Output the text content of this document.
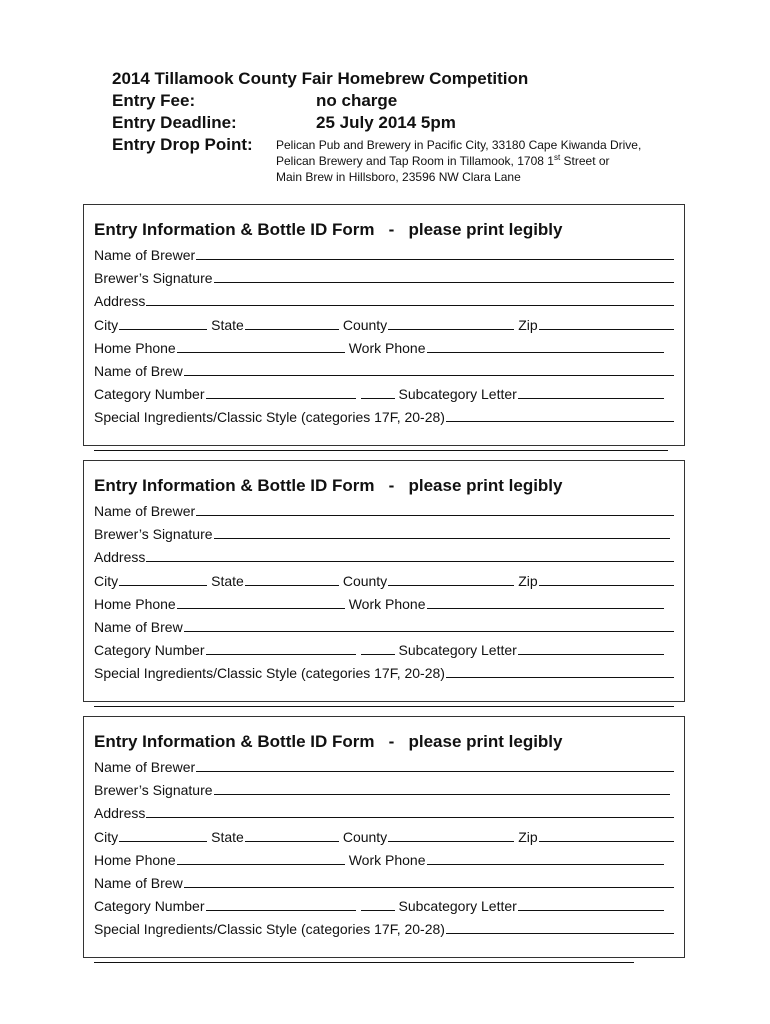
2014 Tillamook County Fair Homebrew Competition
Entry Fee:	no charge
Entry Deadline:	25 July 2014 5pm
Entry Drop Point:	Pelican Pub and Brewery in Pacific City, 33180 Cape Kiwanda Drive,
Pelican Brewery and Tap Room in Tillamook, 1708 1st Street or
Main Brew in Hillsboro, 23596 NW Clara Lane
Entry Information & Bottle ID Form   -   please print legibly
Name of Brewer
Brewer’s Signature
Address
City	State	County	Zip
Home Phone	Work Phone
Name of Brew
Category Number	Subcategory Letter
Special Ingredients/Classic Style (categories 17F, 20-28)
Entry Information & Bottle ID Form   -   please print legibly
Name of Brewer
Brewer’s Signature
Address
City	State	County	Zip
Home Phone	Work Phone
Name of Brew
Category Number	Subcategory Letter
Special Ingredients/Classic Style (categories 17F, 20-28)
Entry Information & Bottle ID Form   -   please print legibly
Name of Brewer
Brewer’s Signature
Address
City	State	County	Zip
Home Phone	Work Phone
Name of Brew
Category Number	Subcategory Letter
Special Ingredients/Classic Style (categories 17F, 20-28)
